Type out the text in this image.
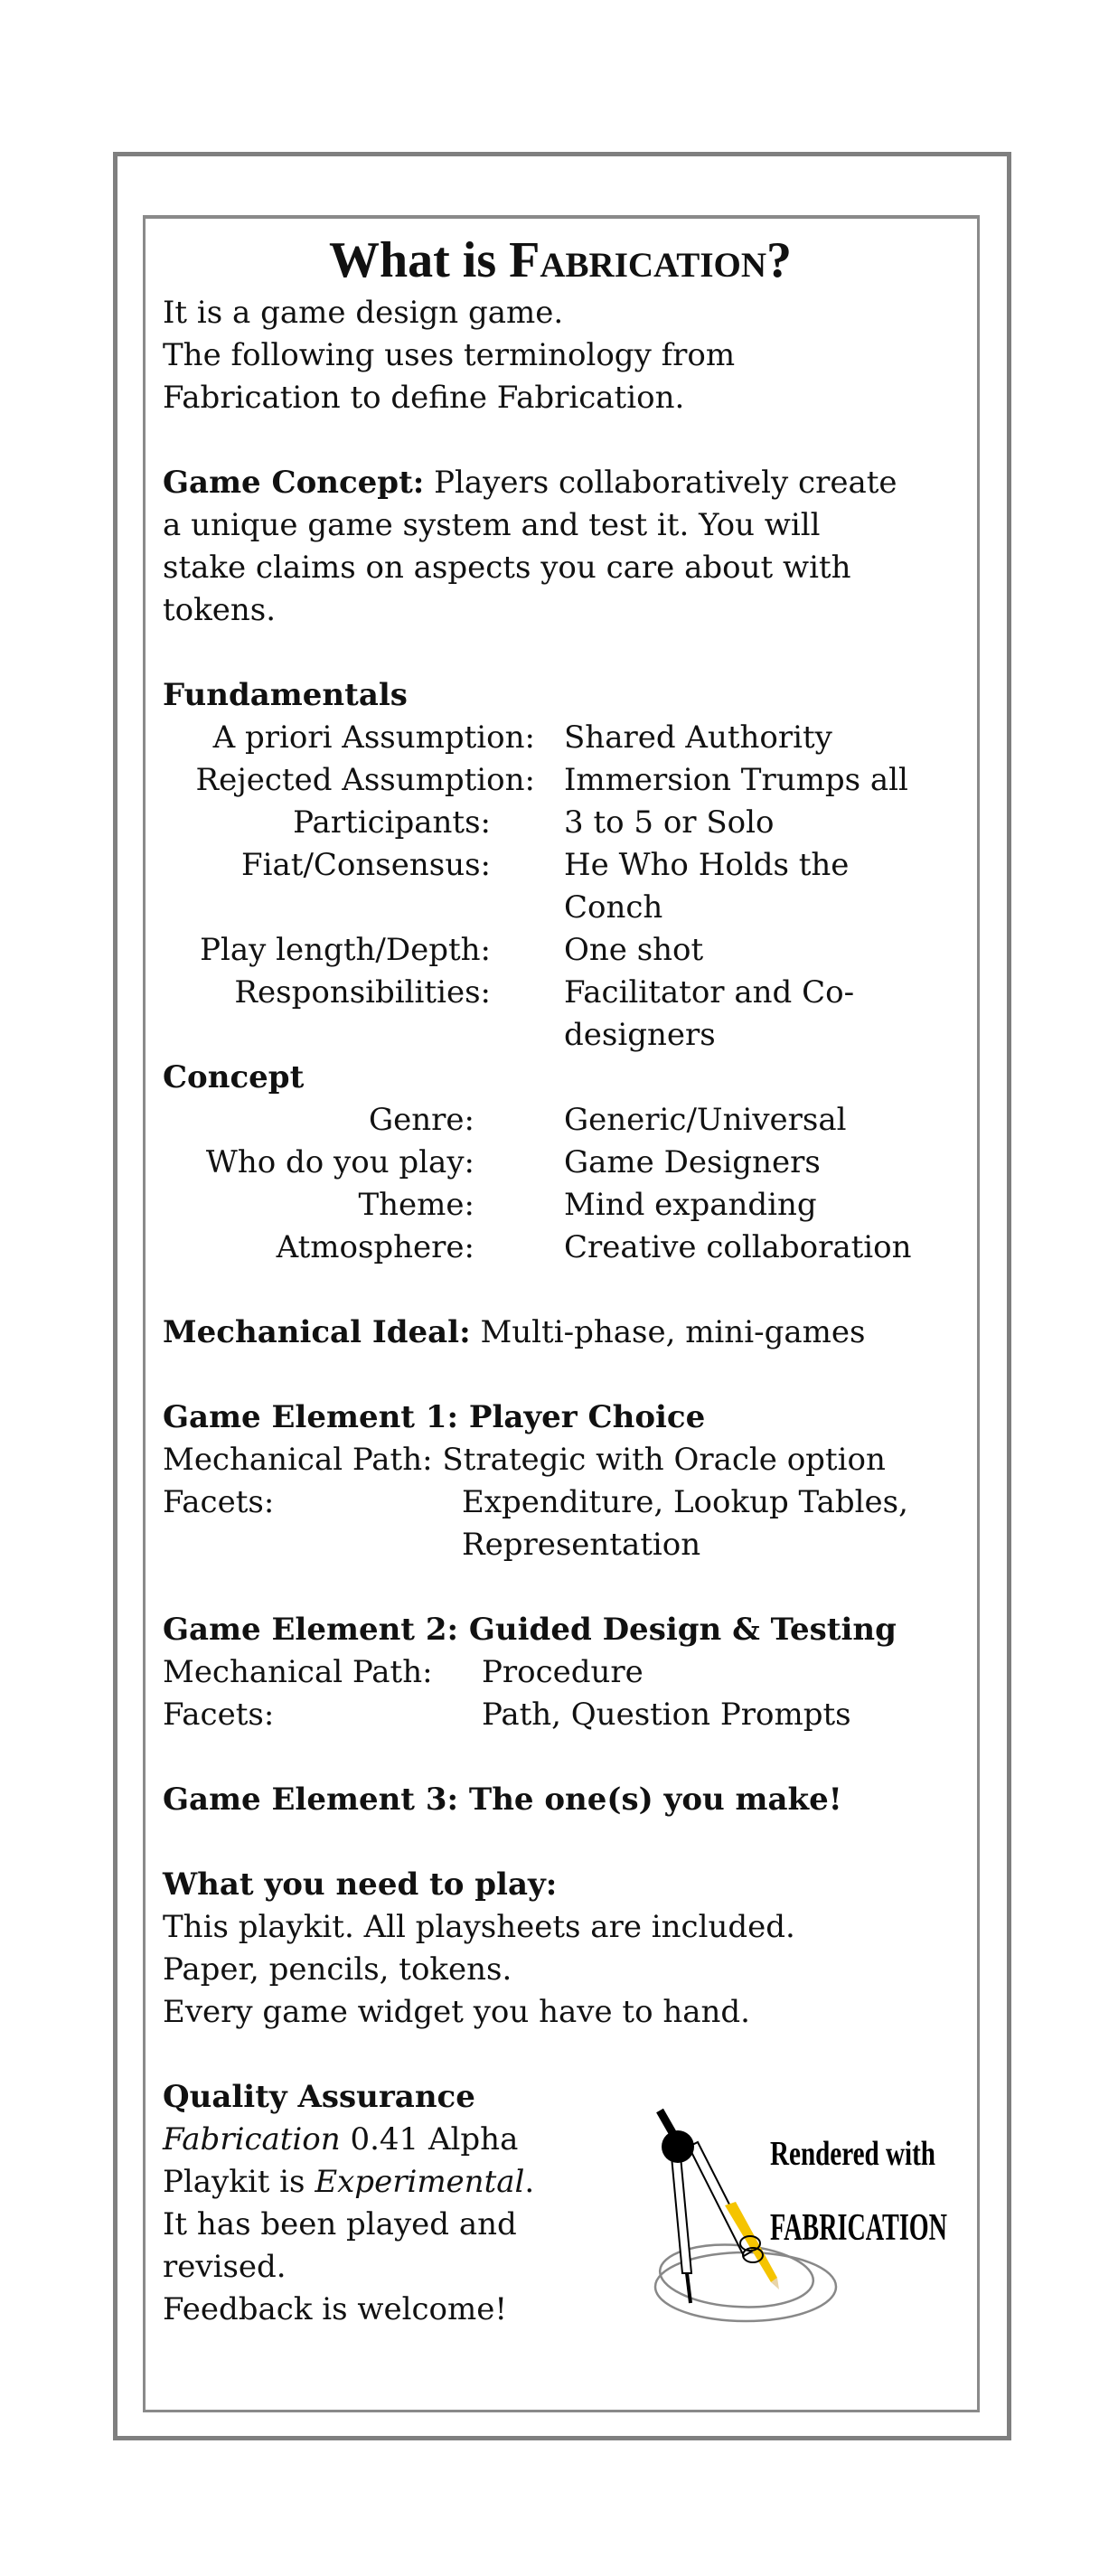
What is Fabrication?
It is a game design game.
The following uses terminology from
Fabrication to define Fabrication.
Game Concept: Players collaboratively create
a unique game system and test it. You will
stake claims on aspects you care about with
tokens.
Fundamentals
A priori Assumption: Shared Authority
Rejected Assumption: Immersion Trumps all
Participants: 3 to 5 or Solo
Fiat/Consensus: He Who Holds the Conch
Play length/Depth: One shot
Responsibilities: Facilitator and Co-designers
Concept
Genre:	Generic/Universal
Who do you play:	Game Designers
Theme:	Mind expanding
Atmosphere:	Creative collaboration
Mechanical Ideal: Multi-phase, mini-games
Game Element 1: Player Choice
Mechanical Path: Strategic with Oracle option
Facets:	Expenditure, Lookup Tables, Representation
Game Element 2: Guided Design & Testing
Mechanical Path: Procedure
Facets:	Path, Question Prompts
Game Element 3: The one(s) you make!
What you need to play:
This playkit. All playsheets are included.
Paper, pencils, tokens.
Every game widget you have to hand.
Quality Assurance
Fabrication 0.41 Alpha
Playkit is Experimental.
It has been played and revised.
Feedback is welcome!
Rendered with
FABRICATION
